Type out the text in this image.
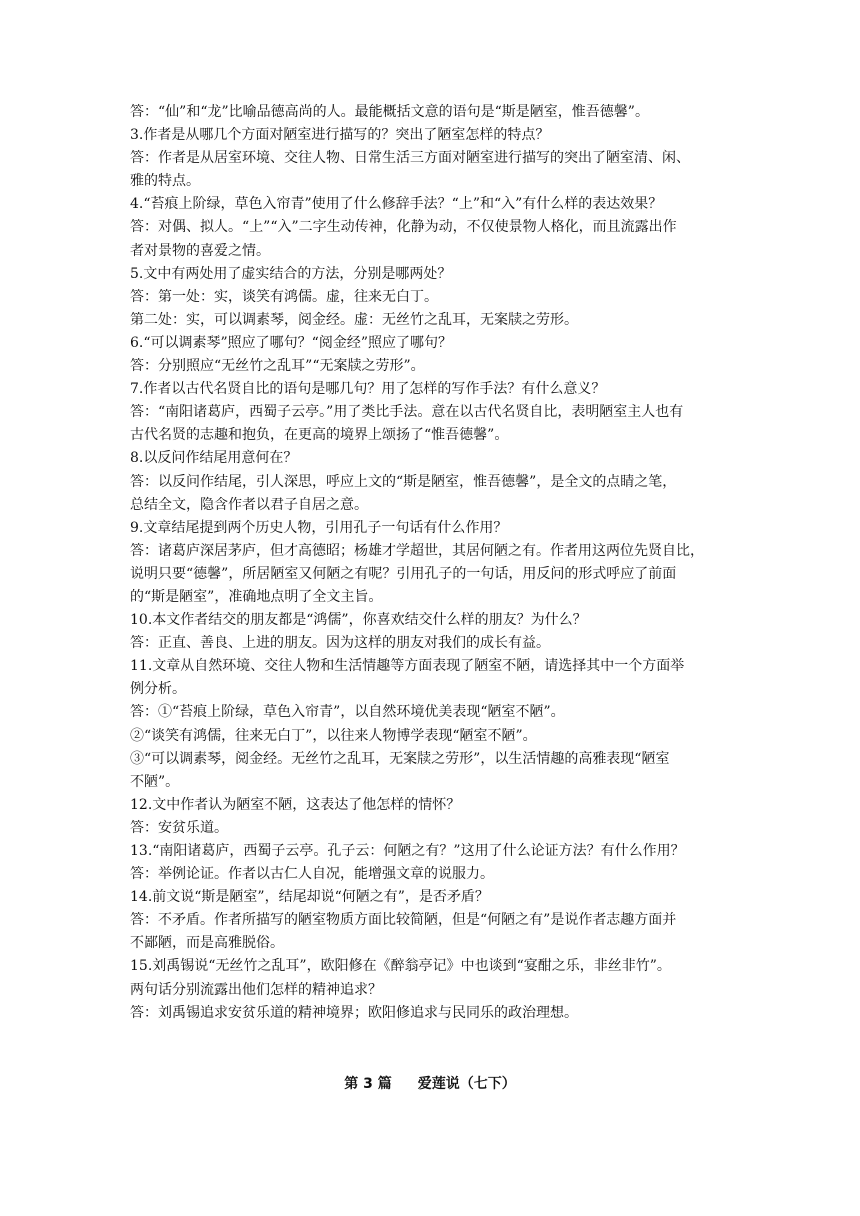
答：“仙”和“龙”比喻品德高尚的人。最能概括文意的语句是“斯是陋室，惟吾德馨”。
3.作者是从哪几个方面对陋室进行描写的？突出了陋室怎样的特点？
答：作者是从居室环境、交往人物、日常生活三方面对陋室进行描写的突出了陋室清、闲、
雅的特点。
4.“苔痕上阶绿，草色入帘青”使用了什么修辞手法？“上”和“入”有什么样的表达效果？
答：对偶、拟人。“上”“入”二字生动传神，化静为动，不仅使景物人格化，而且流露出作
者对景物的喜爱之情。
5.文中有两处用了虚实结合的方法，分别是哪两处？
答：第一处：实，谈笑有鸿儒。虚，往来无白丁。
第二处：实，可以调素琴，阅金经。虚：无丝竹之乱耳，无案牍之劳形。
6.“可以调素琴”照应了哪句？“阅金经”照应了哪句？
答：分别照应“无丝竹之乱耳”“无案牍之劳形”。
7.作者以古代名贤自比的语句是哪几句？用了怎样的写作手法？有什么意义？
答：“南阳诸葛庐，西蜀子云亭。”用了类比手法。意在以古代名贤自比，表明陋室主人也有
古代名贤的志趣和抱负，在更高的境界上颂扬了“惟吾德馨”。
8.以反问作结尾用意何在？
答：以反问作结尾，引人深思，呼应上文的“斯是陋室，惟吾德馨”，是全文的点睛之笔，
总结全文，隐含作者以君子自居之意。
9.文章结尾提到两个历史人物，引用孔子一句话有什么作用？
答：诸葛庐深居茅庐，但才高德昭；杨雄才学超世，其居何陋之有。作者用这两位先贤自比，
说明只要“德馨”，所居陋室又何陋之有呢？引用孔子的一句话，用反问的形式呼应了前面
的“斯是陋室”，准确地点明了全文主旨。
10.本文作者结交的朋友都是“鸿儒”，你喜欢结交什么样的朋友？为什么？
答：正直、善良、上进的朋友。因为这样的朋友对我们的成长有益。
11.文章从自然环境、交往人物和生活情趣等方面表现了陋室不陋，请选择其中一个方面举
例分析。
答：①“苔痕上阶绿，草色入帘青”，以自然环境优美表现“陋室不陋”。
②“谈笑有鸿儒，往来无白丁”，以往来人物博学表现“陋室不陋”。
③“可以调素琴，阅金经。无丝竹之乱耳，无案牍之劳形”，以生活情趣的高雅表现“陋室
不陋”。
12.文中作者认为陋室不陋，这表达了他怎样的情怀？
答：安贫乐道。
13.“南阳诸葛庐，西蜀子云亭。孔子云：何陋之有？”这用了什么论证方法？有什么作用？
答：举例论证。作者以古仁人自况，能增强文章的说服力。
14.前文说“斯是陋室”，结尾却说“何陋之有”，是否矛盾？
答：不矛盾。作者所描写的陋室物质方面比较简陋，但是“何陋之有”是说作者志趣方面并
不鄙陋，而是高雅脱俗。
15.刘禹锡说“无丝竹之乱耳”，欧阳修在《醉翁亭记》中也谈到“宴酣之乐，非丝非竹”。
两句话分别流露出他们怎样的精神追求？
答：刘禹锡追求安贫乐道的精神境界；欧阳修追求与民同乐的政治理想。
第 3 篇 爱莲说（七下）
